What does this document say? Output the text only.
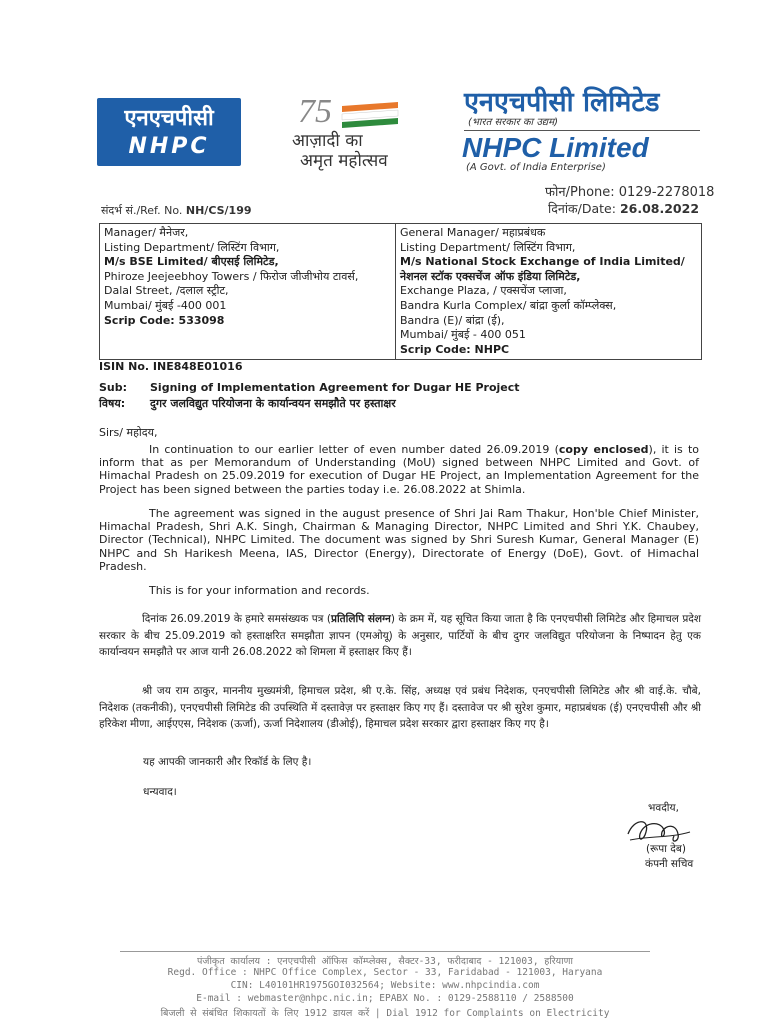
एनएचपीसी
NHPC
75
आज़ादी का
अमृत महोत्सव
एनएचपीसी लिमिटेड
(भारत सरकार का उद्यम)
NHPC Limited
(A Govt. of India Enterprise)
फोन/Phone: 0129-2278018
संदर्भ सं./Ref. No. NH/CS/199	दिनांक/Date: 26.08.2022
Manager/ मैनेजर,
Listing Department/ लिस्टिंग विभाग,
M/s BSE Limited/ बीएसई लिमिटेड,
Phiroze Jeejeebhoy Towers / फिरोज जीजीभोय टावर्स,
Dalal Street, /दलाल स्ट्रीट,
Mumbai/ मुंबई -400 001
Scrip Code: 533098

General Manager/ महाप्रबंधक
Listing Department/ लिस्टिंग विभाग,
M/s National Stock Exchange of India Limited/
नेशनल स्टॉक एक्सचेंज ऑफ इंडिया लिमिटेड,
Exchange Plaza, / एक्सचेंज प्लाजा,
Bandra Kurla Complex/ बांद्रा कुर्ला कॉम्प्लेक्स,
Bandra (E)/ बांद्रा (ई),
Mumbai/ मुंबई - 400 051
Scrip Code: NHPC
ISIN No. INE848E01016
Sub: Signing of Implementation Agreement for Dugar HE Project
विषय: दुगर जलविद्युत परियोजना के कार्यान्वयन समझौते पर हस्ताक्षर
Sirs/ महोदय,
In continuation to our earlier letter of even number dated 26.09.2019 (copy enclosed), it is to inform that as per Memorandum of Understanding (MoU) signed between NHPC Limited and Govt. of Himachal Pradesh on 25.09.2019 for execution of Dugar HE Project, an Implementation Agreement for the Project has been signed between the parties today i.e. 26.08.2022 at Shimla.
The agreement was signed in the august presence of Shri Jai Ram Thakur, Hon'ble Chief Minister, Himachal Pradesh, Shri A.K. Singh, Chairman & Managing Director, NHPC Limited and Shri Y.K. Chaubey, Director (Technical), NHPC Limited. The document was signed by Shri Suresh Kumar, General Manager (E) NHPC and Sh Harikesh Meena, IAS, Director (Energy), Directorate of Energy (DoE), Govt. of Himachal Pradesh.
This is for your information and records.
दिनांक 26.09.2019 के हमारे समसंख्यक पत्र (प्रतिलिपि संलग्न) के क्रम में, यह सूचित किया जाता है कि एनएचपीसी लिमिटेड और हिमाचल प्रदेश सरकार के बीच 25.09.2019 को हस्ताक्षरित समझौता ज्ञापन (एमओयू) के अनुसार, पार्टियों के बीच दुगर जलविद्युत परियोजना के निष्पादन हेतु एक कार्यान्वयन समझौते पर आज यानी 26.08.2022 को शिमला में हस्ताक्षर किए हैं।
श्री जय राम ठाकुर, माननीय मुख्यमंत्री, हिमाचल प्रदेश, श्री ए.के. सिंह, अध्यक्ष एवं प्रबंध निदेशक, एनएचपीसी लिमिटेड और श्री वाई.के. चौबे, निदेशक (तकनीकी), एनएचपीसी लिमिटेड की उपस्थिति में दस्तावेज़ पर हस्ताक्षर किए गए हैं। दस्तावेज पर श्री सुरेश कुमार, महाप्रबंधक (ई) एनएचपीसी और श्री हरिकेश मीणा, आईएएस, निदेशक (ऊर्जा), ऊर्जा निदेशालय (डीओई), हिमाचल प्रदेश सरकार द्वारा हस्ताक्षर किए गए है।
यह आपकी जानकारी और रिकॉर्ड के लिए है।
धन्यवाद।
भवदीय,
(रूपा देब)
कंपनी सचिव
पंजीकृत कार्यालय : एनएचपीसी ऑफिस कॉम्प्लेक्स, सैक्टर-33, फरीदाबाद - 121003, हरियाणा
Regd. Office : NHPC Office Complex, Sector - 33, Faridabad - 121003, Haryana
CIN: L40101HR1975GOI032564; Website: www.nhpcindia.com
E-mail : webmaster@nhpc.nic.in; EPABX No. : 0129-2588110 / 2588500
बिजली से संबंधित शिकायतों के लिए 1912 डायल करें | Dial 1912 for Complaints on Electricity
